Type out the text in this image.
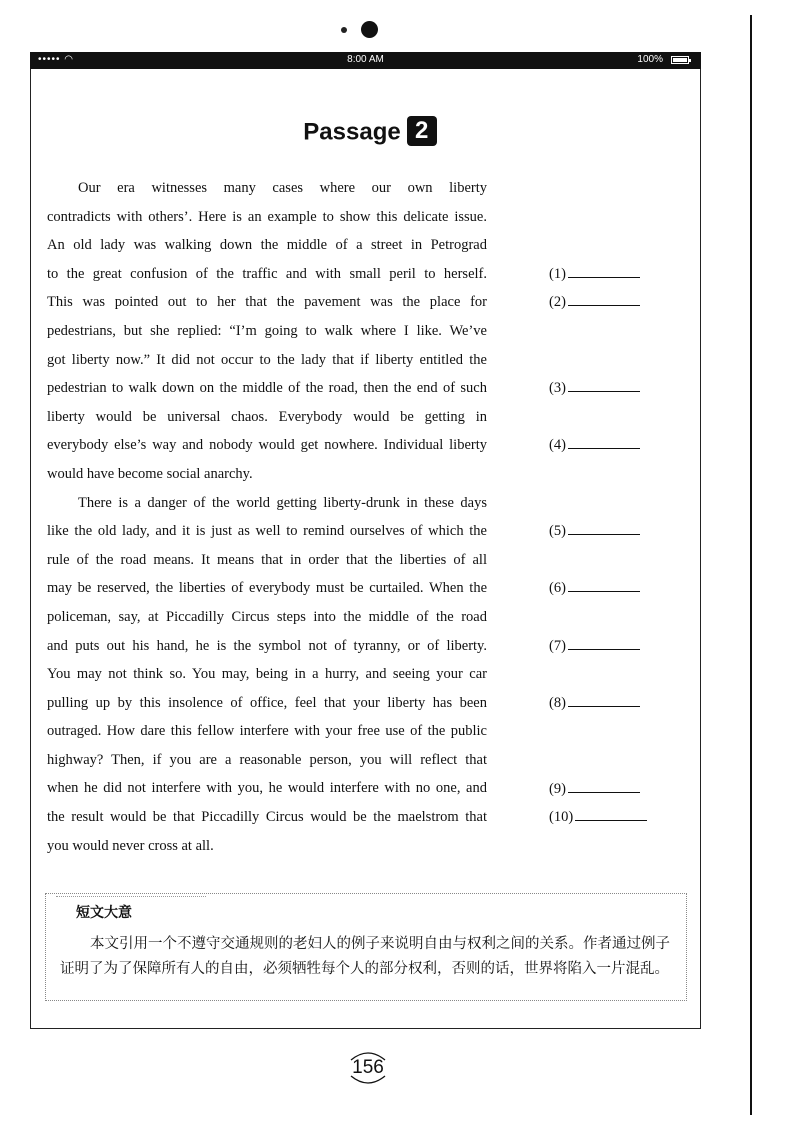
••••• ◠	8:00 AM	100%
Passage 2
Our era witnesses many cases where our own liberty
contradicts with others’. Here is an example to show this delicate issue.
An old lady was walking down the middle of a street in Petrograd
to the great confusion of the traffic and with small peril to herself.
This was pointed out to her that the pavement was the place for
pedestrians, but she replied: “I’m going to walk where I like. We’ve
got liberty now.” It did not occur to the lady that if liberty entitled the
pedestrian to walk down on the middle of the road, then the end of such
liberty would be universal chaos. Everybody would be getting in
everybody else’s way and nobody would get nowhere. Individual liberty
would have become social anarchy.
There is a danger of the world getting liberty-drunk in these days
like the old lady, and it is just as well to remind ourselves of which the
rule of the road means. It means that in order that the liberties of all
may be reserved, the liberties of everybody must be curtailed. When the
policeman, say, at Piccadilly Circus steps into the middle of the road
and puts out his hand, he is the symbol not of tyranny, or of liberty.
You may not think so. You may, being in a hurry, and seeing your car
pulling up by this insolence of office, feel that your liberty has been
outraged. How dare this fellow interfere with your free use of the public
highway? Then, if you are a reasonable person, you will reflect that
when he did not interfere with you, he would interfere with no one, and
the result would be that Piccadilly Circus would be the maelstrom that
you would never cross at all.
(1)
(2)
(3)
(4)
(5)
(6)
(7)
(8)
(9)
(10)
短文大意
本文引用一个不遵守交通规则的老妇人的例子来说明自由与权利之间的关系。作者通过例子证明了为了保障所有人的自由，必须牺牲每个人的部分权利，否则的话，世界将陷入一片混乱。
156
